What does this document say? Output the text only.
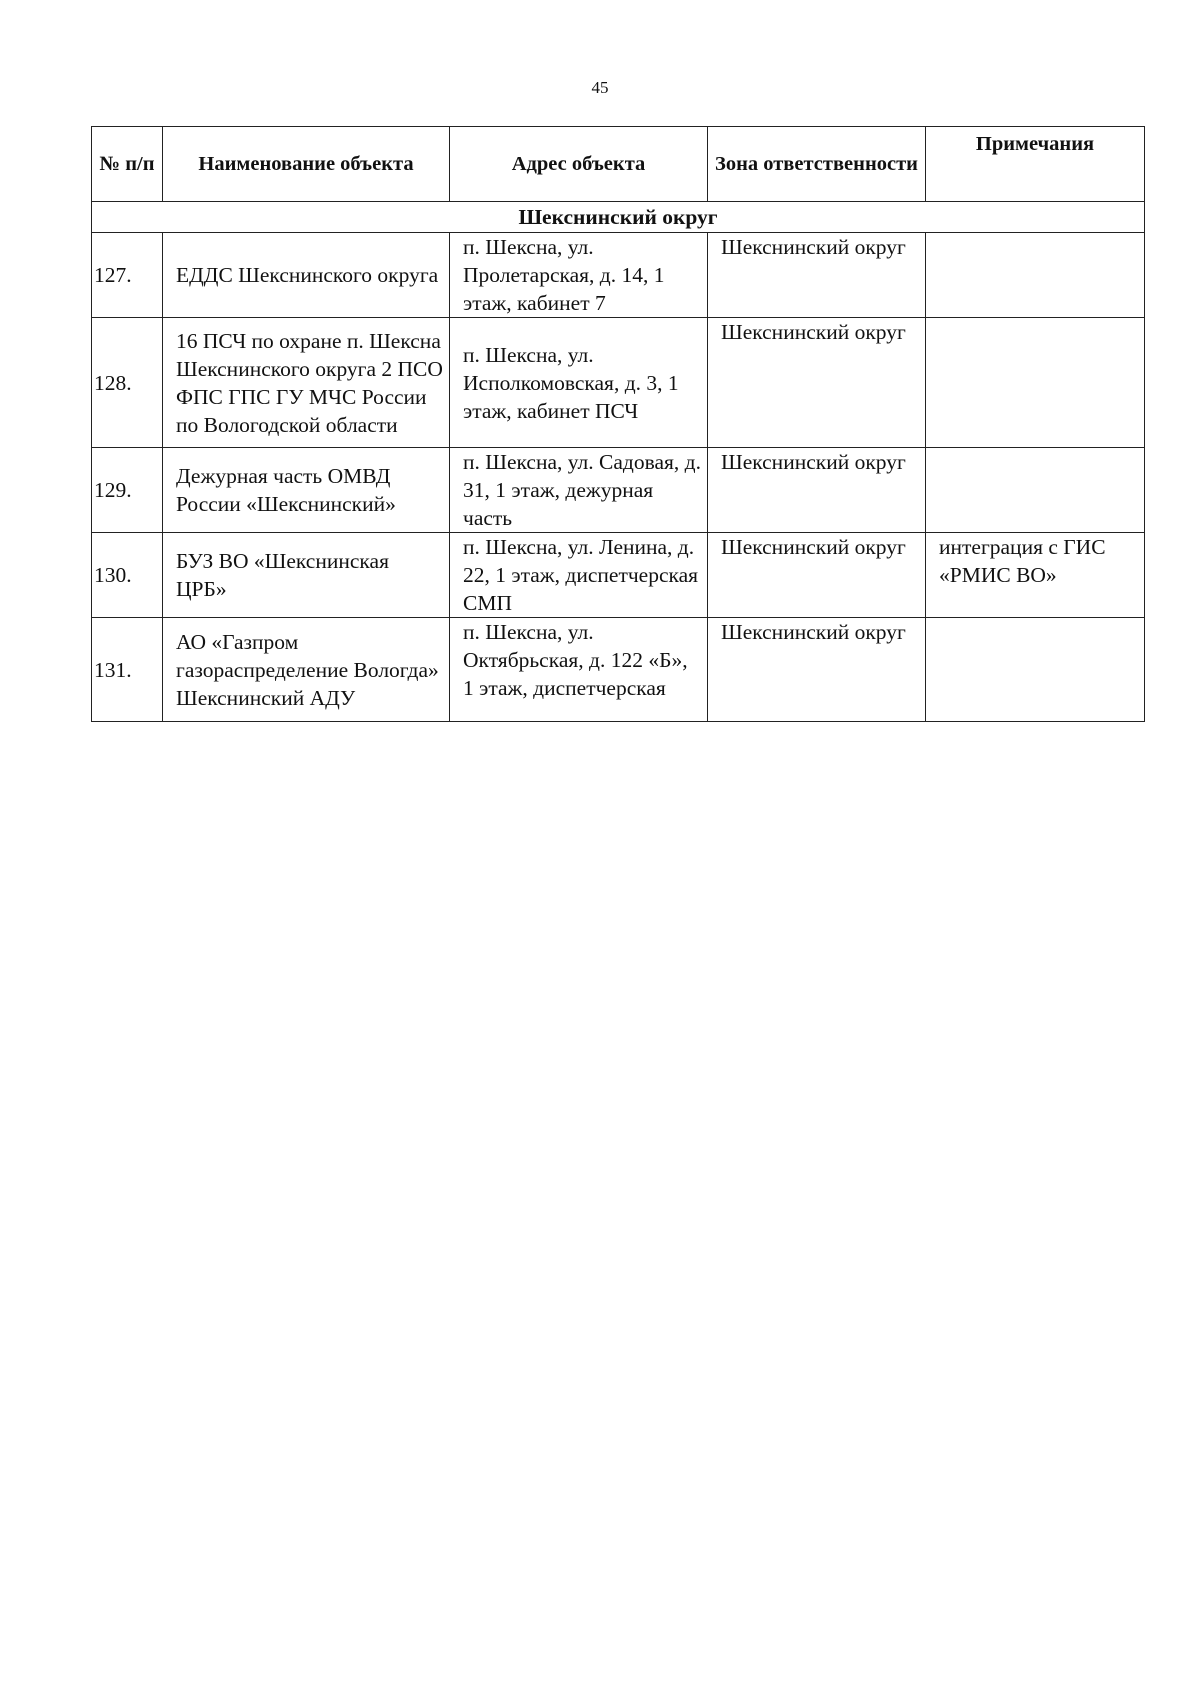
45
№ п/п	Наименование объекта	Адрес объекта	Зона ответственности	Примечания
Шекснинский округ				
127.	ЕДДС Шекснинского округа	п. Шексна, ул. Пролетарская, д. 14, 1 этаж, кабинет 7	Шекснинский округ	
128.	16 ПСЧ по охране п. Шексна Шекснинского округа 2 ПСО ФПС ГПС ГУ МЧС России по Вологодской области	п. Шексна, ул. Исполкомовская, д. 3, 1 этаж, кабинет ПСЧ	Шекснинский округ	
129.	Дежурная часть ОМВД России «Шекснинский»	п. Шексна, ул. Садовая, д. 31, 1 этаж, дежурная часть	Шекснинский округ	
130.	БУЗ ВО «Шекснинская ЦРБ»	п. Шексна, ул. Ленина, д. 22, 1 этаж, диспетчерская СМП	Шекснинский округ	интеграция с ГИС «РМИС ВО»
131.	АО «Газпром газораспределение Вологда» Шекснинский АДУ	п. Шексна, ул. Октябрьская, д. 122 «Б», 1 этаж, диспетчерская	Шекснинский округ	
